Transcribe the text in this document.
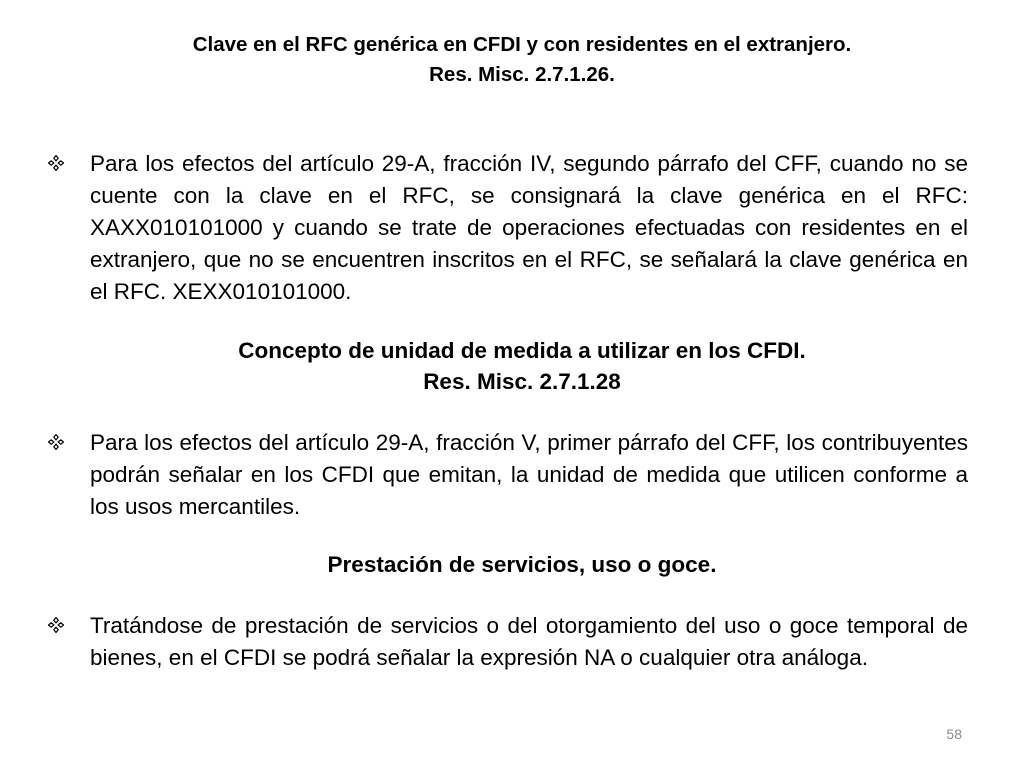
Clave en el RFC genérica en CFDI y con residentes en el extranjero.
Res. Misc. 2.7.1.26.

Para los efectos del artículo 29-A, fracción IV, segundo párrafo del CFF, cuando no se cuente con la clave en el RFC, se consignará la clave genérica en el RFC: XAXX010101000 y cuando se trate de operaciones efectuadas con residentes en el extranjero, que no se encuentren inscritos en el RFC, se señalará la clave genérica en el RFC. XEXX010101000.

Concepto de unidad de medida a utilizar en los CFDI.
Res. Misc. 2.7.1.28

Para los efectos del artículo 29-A, fracción V, primer párrafo del CFF, los contribuyentes podrán señalar en los CFDI que emitan, la unidad de medida que utilicen conforme a los usos mercantiles.

Prestación de servicios, uso o goce.

Tratándose de prestación de servicios o del otorgamiento del uso o goce temporal de bienes, en el CFDI se podrá señalar la expresión NA o cualquier otra análoga.

58
